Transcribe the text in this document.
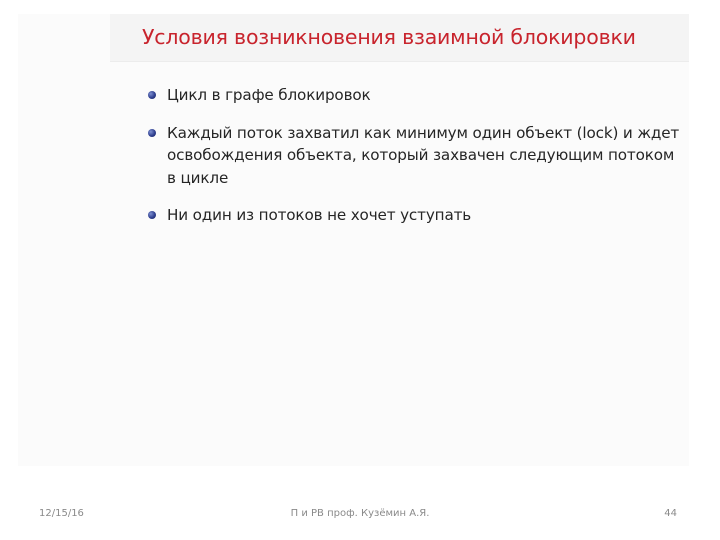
Условия возникновения взаимной блокировки
Цикл в графе блокировок
Каждый поток захватил как минимум один объект (lock) и ждет освобождения объекта, который захвачен следующим потоком в цикле
Ни один из потоков не хочет уступать
12/15/16	П и РВ проф. Кузёмин А.Я.	44
